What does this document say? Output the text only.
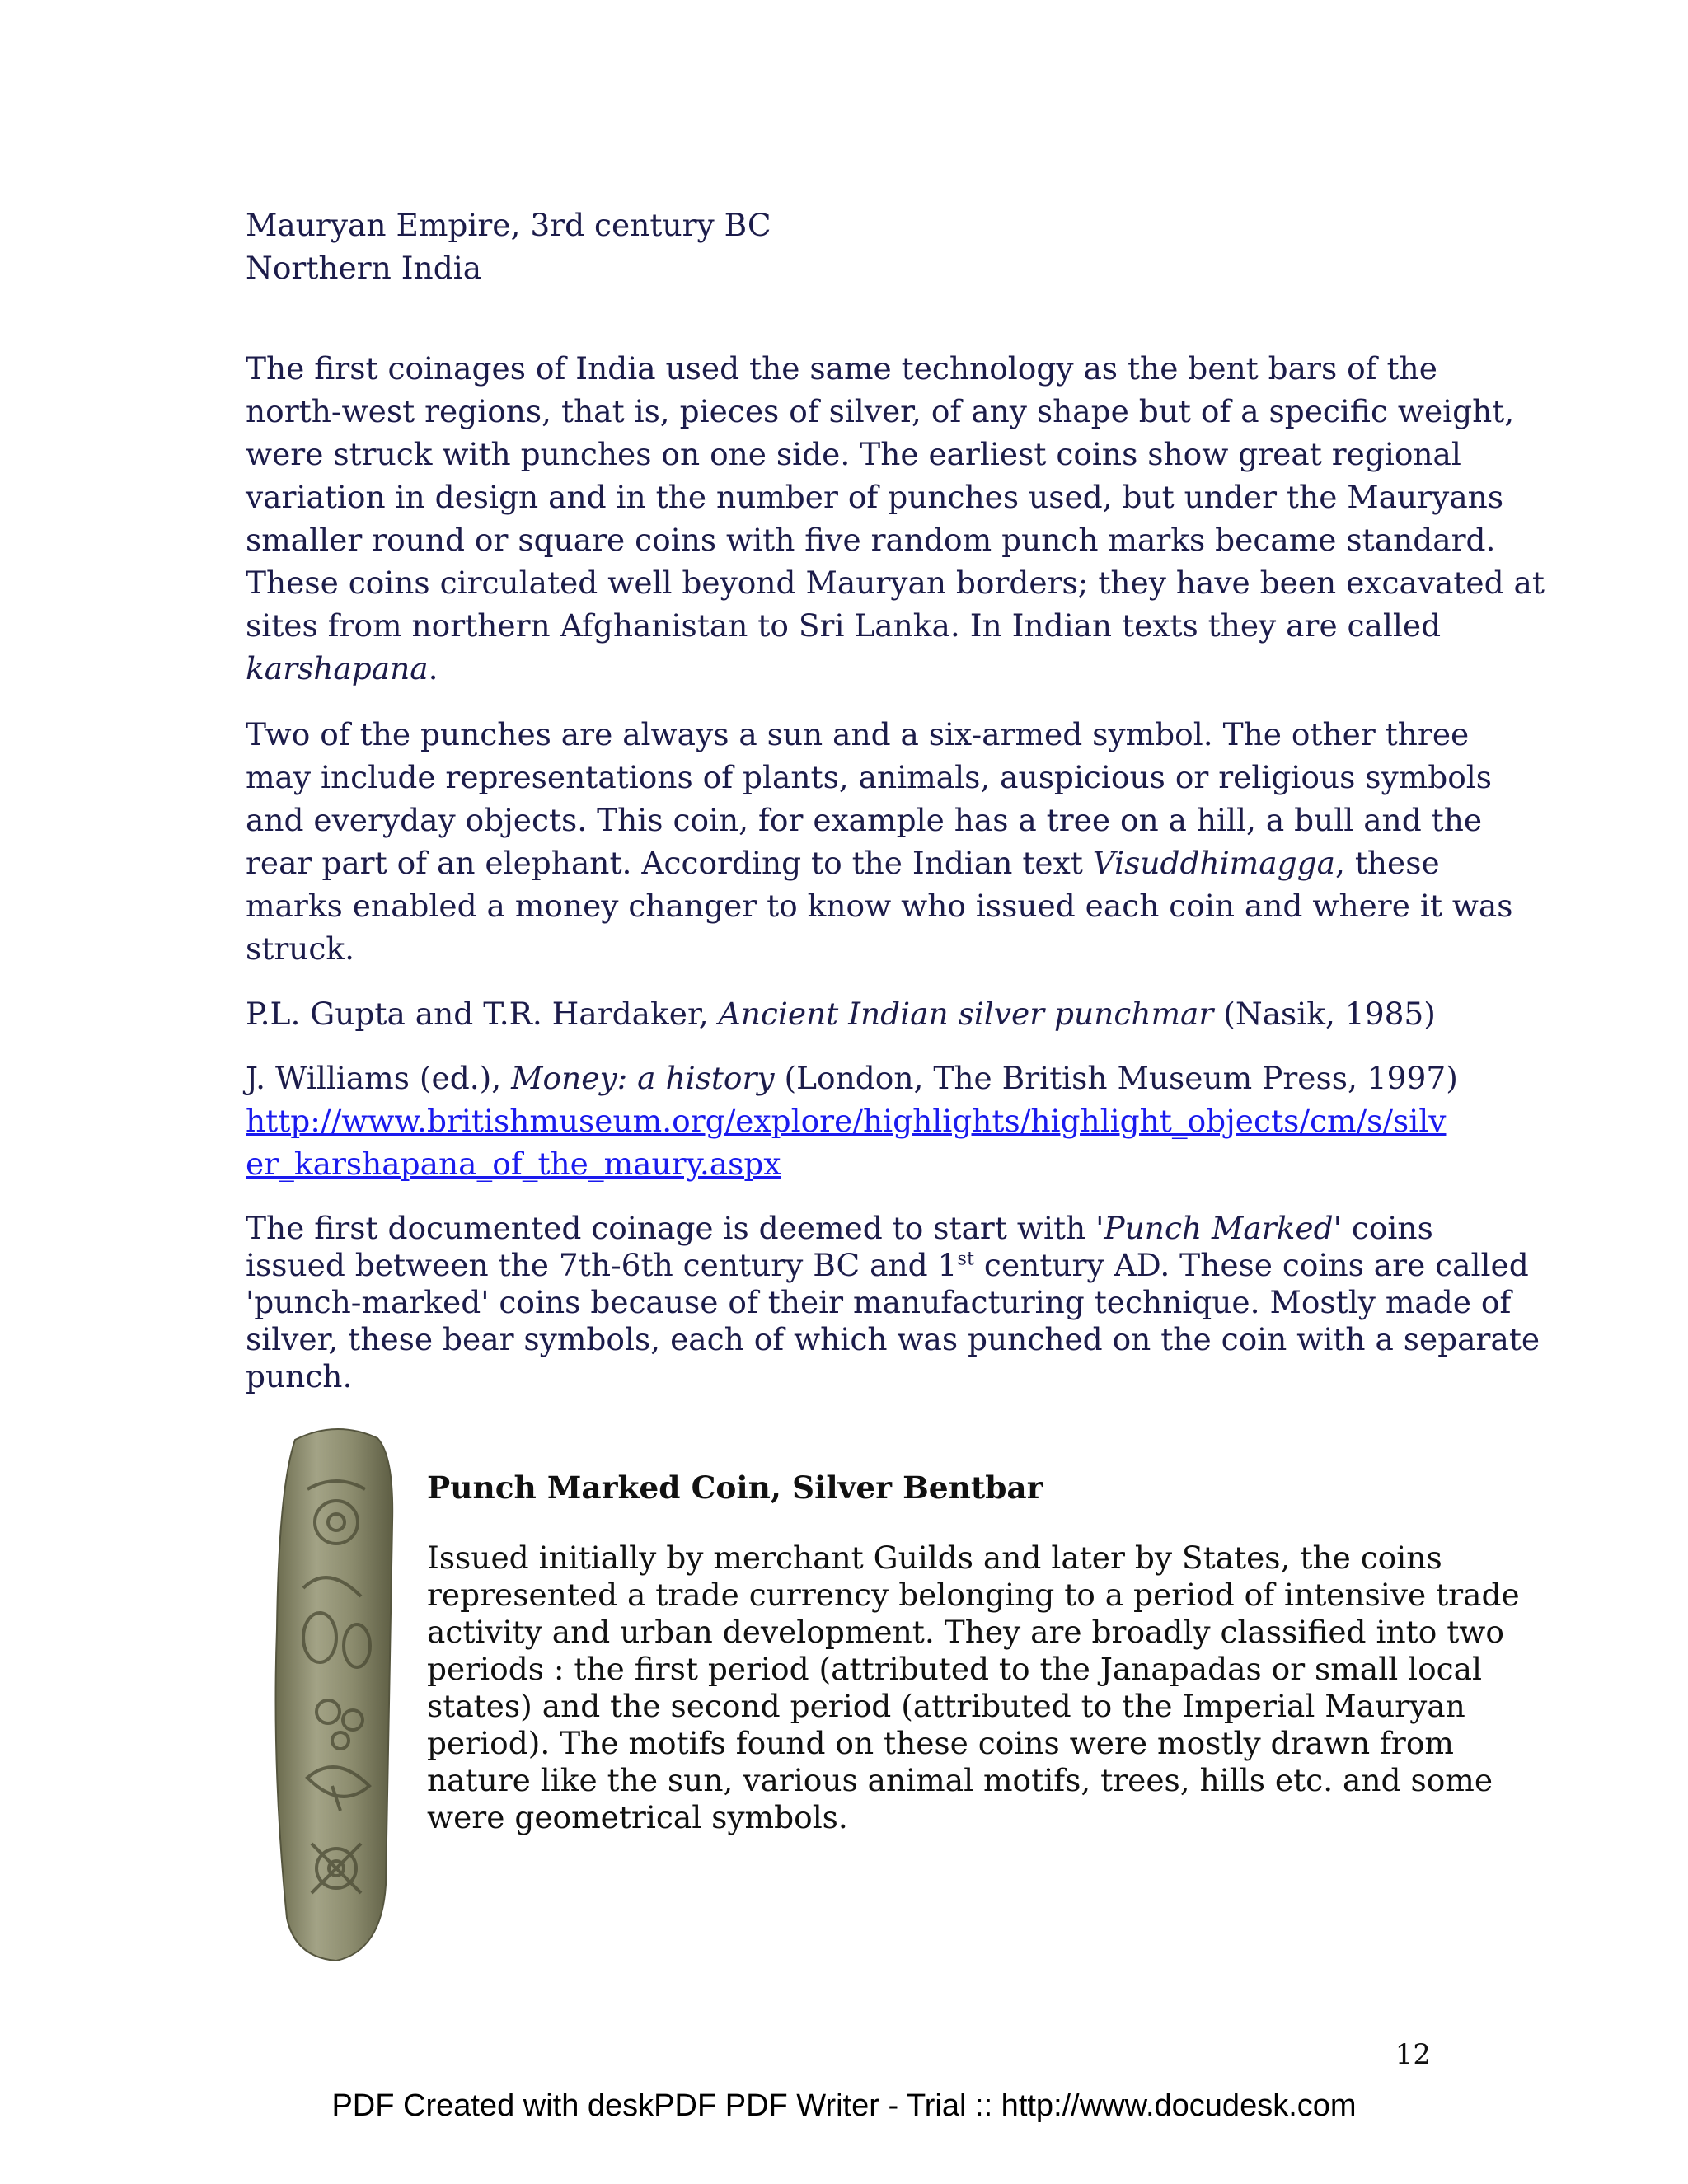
Mauryan Empire, 3rd century BC
Northern India
The first coinages of India used the same technology as the bent bars of the
north-west regions, that is, pieces of silver, of any shape but of a specific weight,
were struck with punches on one side. The earliest coins show great regional
variation in design and in the number of punches used, but under the Mauryans
smaller round or square coins with five random punch marks became standard.
These coins circulated well beyond Mauryan borders; they have been excavated at
sites from northern Afghanistan to Sri Lanka. In Indian texts they are called
karshapana.
Two of the punches are always a sun and a six-armed symbol. The other three
may include representations of plants, animals, auspicious or religious symbols
and everyday objects. This coin, for example has a tree on a hill, a bull and the
rear part of an elephant. According to the Indian text Visuddhimagga, these
marks enabled a money changer to know who issued each coin and where it was
struck.
P.L. Gupta and T.R. Hardaker, Ancient Indian silver punchmar (Nasik, 1985)
J. Williams (ed.), Money: a history (London, The British Museum Press, 1997)
http://www.britishmuseum.org/explore/highlights/highlight_objects/cm/s/silv
er_karshapana_of_the_maury.aspx
The first documented coinage is deemed to start with 'Punch Marked' coins
issued between the 7th-6th century BC and 1st century AD. These coins are called
'punch-marked' coins because of their manufacturing technique. Mostly made of
silver, these bear symbols, each of which was punched on the coin with a separate
punch.
Punch Marked Coin, Silver Bentbar
Issued initially by merchant Guilds and later by States, the coins
represented a trade currency belonging to a period of intensive trade
activity and urban development. They are broadly classified into two
periods : the first period (attributed to the Janapadas or small local
states) and the second period (attributed to the Imperial Mauryan
period). The motifs found on these coins were mostly drawn from
nature like the sun, various animal motifs, trees, hills etc. and some
were geometrical symbols.
12
PDF Created with deskPDF PDF Writer - Trial :: http://www.docudesk.com
